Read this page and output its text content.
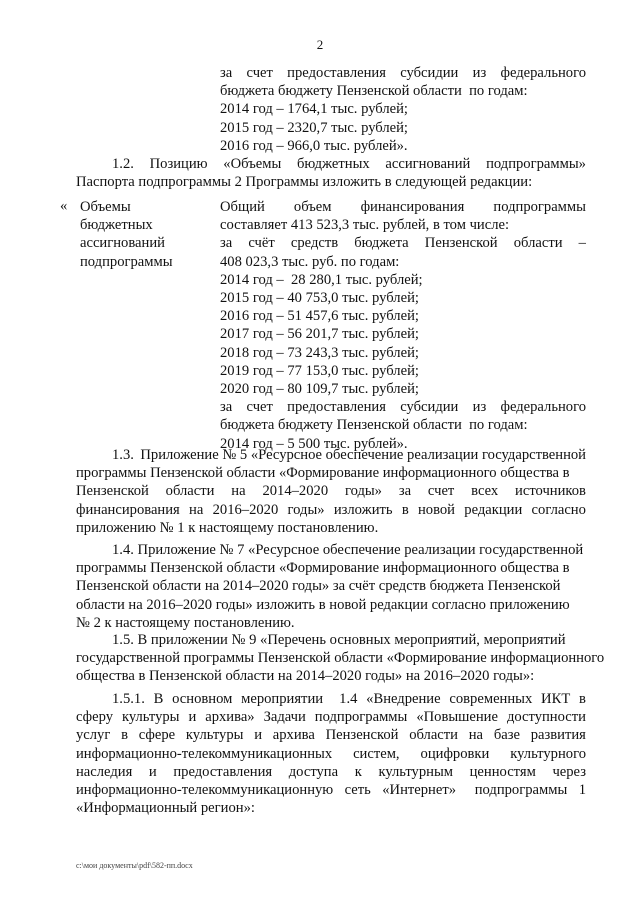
2
за счет предоставления субсидии из федерального
бюджета бюджету Пензенской области  по годам:
2014 год – 1764,1 тыс. рублей;
2015 год – 2320,7 тыс. рублей;
2016 год – 966,0 тыс. рублей».
1.2. Позицию «Объемы бюджетных ассигнований подпрограммы»
Паспорта подпрограммы 2 Программы изложить в следующей редакции:
« Объемы
бюджетных
ассигнований
подпрограммы
Общий объем финансирования подпрограммы
составляет 413 523,3 тыс. рублей, в том числе:
за счёт средств бюджета Пензенской области –
408 023,3 тыс. руб. по годам:
2014 год –  28 280,1 тыс. рублей;
2015 год – 40 753,0 тыс. рублей;
2016 год – 51 457,6 тыс. рублей;
2017 год – 56 201,7 тыс. рублей;
2018 год – 73 243,3 тыс. рублей;
2019 год – 77 153,0 тыс. рублей;
2020 год – 80 109,7 тыс. рублей;
за счет предоставления субсидии из федерального
бюджета бюджету Пензенской области  по годам:
2014 год – 5 500 тыс. рублей».
1.3. Приложение № 5 «Ресурсное обеспечение реализации государственной
программы Пензенской области «Формирование информационного общества в
Пензенской области на 2014–2020 годы» за счет всех источников
финансирования на 2016–2020 годы» изложить в новой редакции согласно
приложению № 1 к настоящему постановлению.
1.4. Приложение № 7 «Ресурсное обеспечение реализации государственной
программы Пензенской области «Формирование информационного общества в
Пензенской области на 2014–2020 годы» за счёт средств бюджета Пензенской
области на 2016–2020 годы» изложить в новой редакции согласно приложению
№ 2 к настоящему постановлению.
1.5. В приложении № 9 «Перечень основных мероприятий, мероприятий
государственной программы Пензенской области «Формирование информационного
общества в Пензенской области на 2014–2020 годы» на 2016–2020 годы»:
1.5.1. В основном мероприятии 1.4 «Внедрение современных ИКТ в
сферу культуры и архива» Задачи подпрограммы «Повышение доступности
услуг в сфере культуры и архива Пензенской области на базе развития
информационно-телекоммуникационных систем, оцифровки культурного
наследия и предоставления доступа к культурным ценностям через
информационно-телекоммуникационную сеть «Интернет» подпрограммы 1
«Информационный регион»:
c:\мои документы\pdf\582-пп.docx
